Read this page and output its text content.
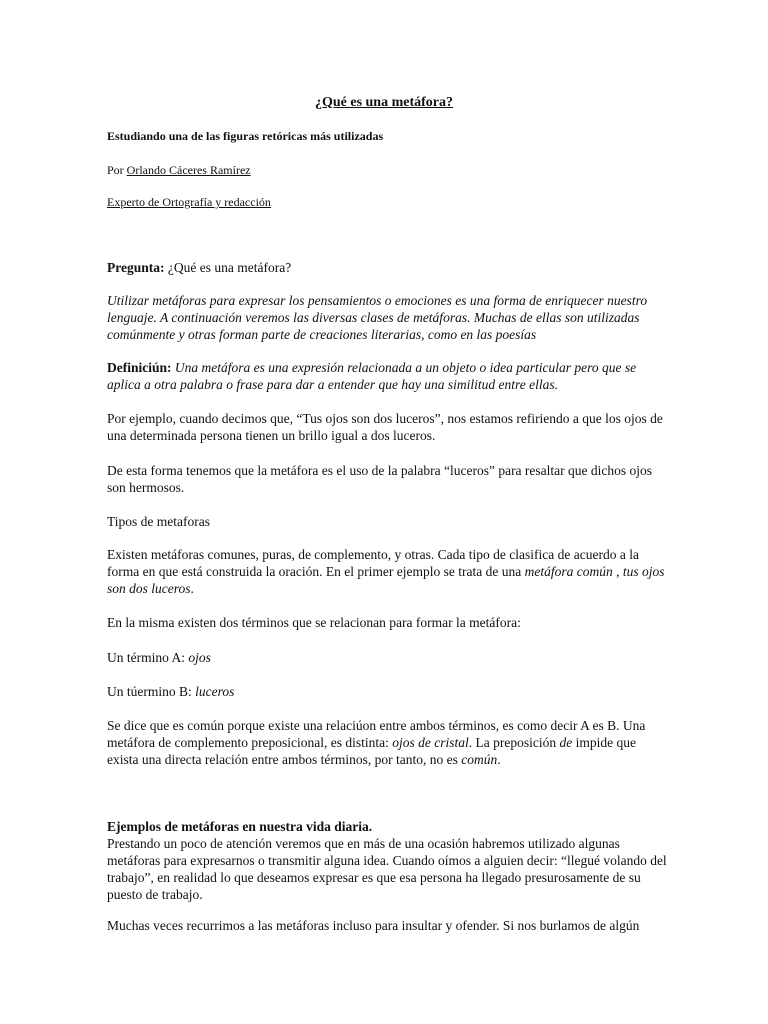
¿Qué es una metáfora?
Estudiando una de las figuras retóricas más utilizadas
Por Orlando Cáceres Ramírez
Experto de Ortografía y redacción
Pregunta: ¿Qué es una metáfora?
Utilizar metáforas para expresar los pensamientos o emociones es una forma de enriquecer nuestro lenguaje. A continuación veremos las diversas clases de metáforas. Muchas de ellas son utilizadas comúnmente y otras forman parte de creaciones literarias, como en las poesías
Definiciún: Una metáfora es una expresión relacionada a un objeto o idea particular pero que se aplica a otra palabra o frase para dar a entender que hay una similitud entre ellas.
Por ejemplo, cuando decimos que, “Tus ojos son dos luceros”, nos estamos refiriendo a que los ojos de una determinada persona tienen un brillo igual a dos luceros.
De esta forma tenemos que la metáfora es el uso de la palabra “luceros” para resaltar que dichos ojos son hermosos.
Tipos de metaforas
Existen metáforas comunes, puras, de complemento, y otras. Cada tipo de clasifica de acuerdo a la forma en que está construida la oración. En el primer ejemplo se trata de una metáfora común , tus ojos son dos luceros.
En la misma existen dos términos que se relacionan para formar la metáfora:
Un término A: ojos
Un túermino B: luceros
Se dice que es común porque existe una relaciúon entre ambos términos, es como decir A es B. Una metáfora de complemento preposicional, es distinta: ojos de cristal. La preposición de impide que exista una directa relación entre ambos términos, por tanto, no es común.
Ejemplos de metáforas en nuestra vida diaria.
Prestando un poco de atención veremos que en más de una ocasión habremos utilizado algunas metáforas para expresarnos o transmitir alguna idea. Cuando oímos a alguien decir: “llegué volando del trabajo”, en realidad lo que deseamos expresar es que esa persona ha llegado presurosamente de su puesto de trabajo.
Muchas veces recurrimos a las metáforas incluso para insultar y ofender. Si nos burlamos de algún
